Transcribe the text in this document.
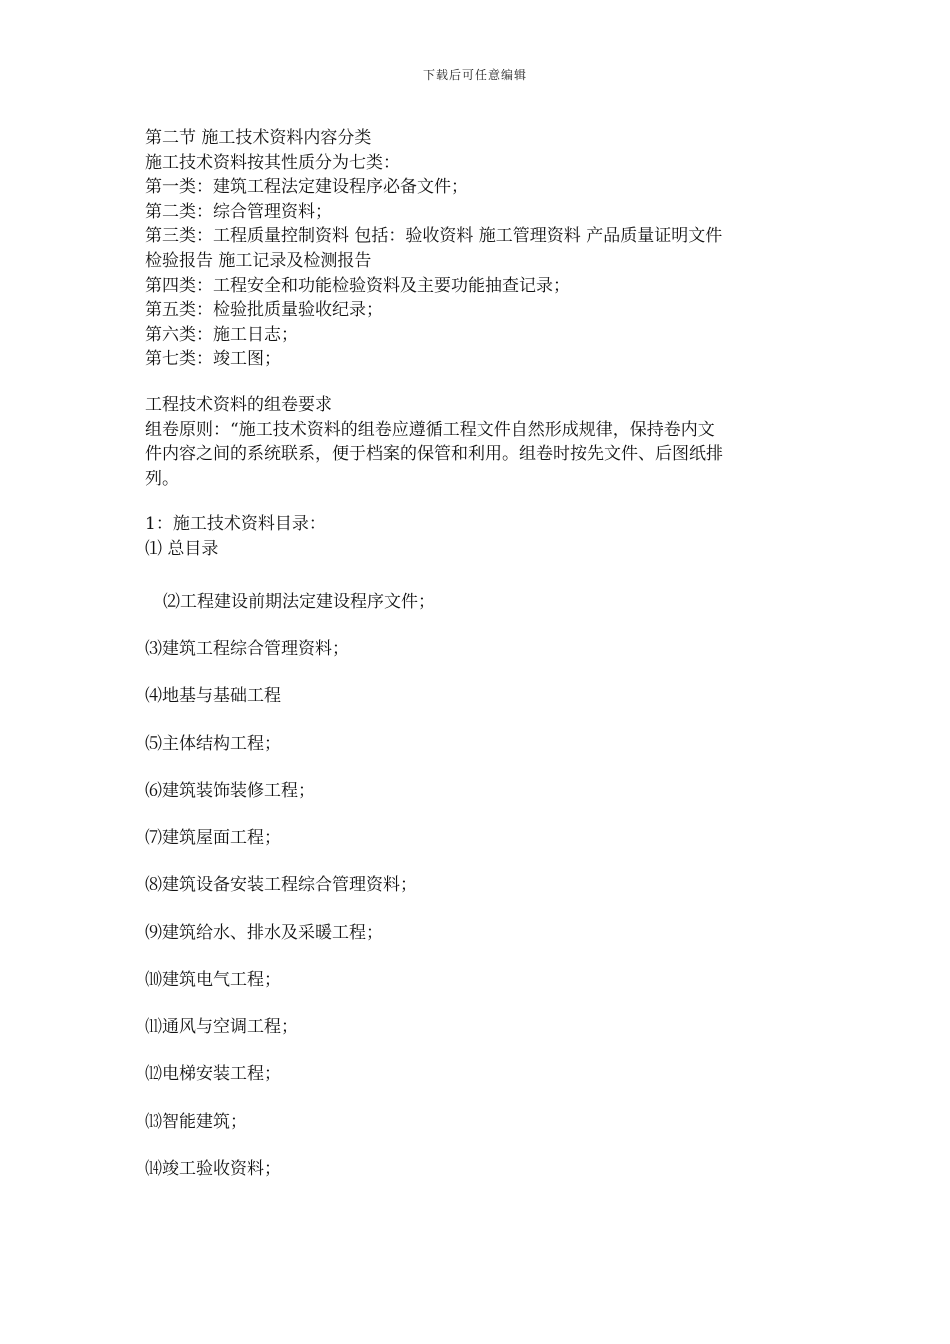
下载后可任意编辑
第二节 施工技术资料内容分类
施工技术资料按其性质分为七类：
第一类：建筑工程法定建设程序必备文件；
第二类：综合管理资料；
第三类：工程质量控制资料 包括：验收资料 施工管理资料 产品质量证明文件
检验报告 施工记录及检测报告
第四类：工程安全和功能检验资料及主要功能抽查记录；
第五类：检验批质量验收纪录；
第六类：施工日志；
第七类：竣工图；
工程技术资料的组卷要求
组卷原则：“施工技术资料的组卷应遵循工程文件自然形成规律，保持卷内文
件内容之间的系统联系，便于档案的保管和利用。组卷时按先文件、后图纸排
列。
1：施工技术资料目录：
⑴ 总目录
⑵工程建设前期法定建设程序文件；
⑶建筑工程综合管理资料；
⑷地基与基础工程
⑸主体结构工程；
⑹建筑装饰装修工程；
⑺建筑屋面工程；
⑻建筑设备安装工程综合管理资料；
⑼建筑给水、排水及采暖工程；
⑽建筑电气工程；
⑾通风与空调工程；
⑿电梯安装工程；
⒀智能建筑；
⒁竣工验收资料；
